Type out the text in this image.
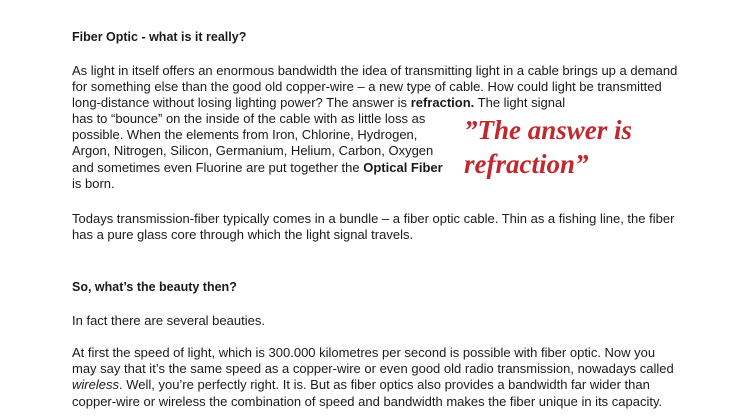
Fiber Optic - what is it really?

As light in itself offers an enormous bandwidth the idea of transmitting light in a cable brings up a demand for something else than the good old copper-wire – a new type of cable. How could light be transmitted long-distance without losing lighting power? The answer is refraction. The light signal

has to “bounce” on the inside of the cable with as little loss as possible. When the elements from Iron, Chlorine, Hydrogen, Argon, Nitrogen, Silicon, Germanium, Helium, Carbon, Oxygen and sometimes even Fluorine are put together the Optical Fiber is born.

”The answer is refraction”

Todays transmission-fiber typically comes in a bundle – a fiber optic cable. Thin as a fishing line, the fiber has a pure glass core through which the light signal travels.

So, what’s the beauty then?

In fact there are several beauties.

At first the speed of light, which is 300.000 kilometres per second is possible with fiber optic. Now you may say that it’s the same speed as a copper-wire or even good old radio transmission, nowadays called wireless. Well, you’re perfectly right. It is. But as fiber optics also provides a bandwidth far wider than copper-wire or wireless the combination of speed and bandwidth makes the fiber unique in its capacity.
